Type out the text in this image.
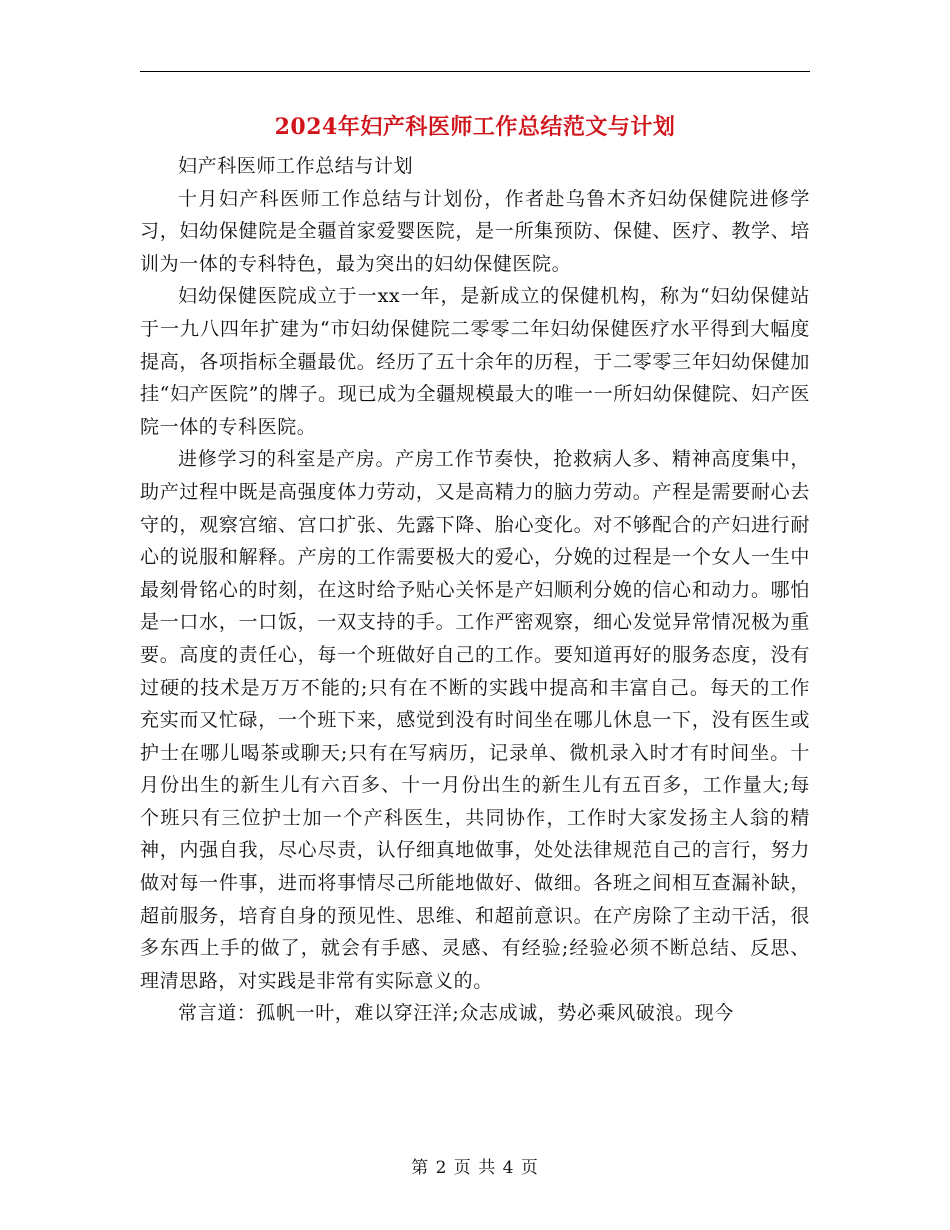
2024年妇产科医师工作总结范文与计划

妇产科医师工作总结与计划

十月妇产科医师工作总结与计划份，作者赴乌鲁木齐妇幼保健院进修学习，妇幼保健院是全疆首家爱婴医院，是一所集预防、保健、医疗、教学、培训为一体的专科特色，最为突出的妇幼保健医院。

妇幼保健医院成立于一xx一年，是新成立的保健机构，称为“妇幼保健站于一九八四年扩建为“市妇幼保健院二零零二年妇幼保健医疗水平得到大幅度提高，各项指标全疆最优。经历了五十余年的历程，于二零零三年妇幼保健加挂“妇产医院”的牌子。现已成为全疆规模最大的唯一一所妇幼保健院、妇产医院一体的专科医院。

进修学习的科室是产房。产房工作节奏快，抢救病人多、精神高度集中，助产过程中既是高强度体力劳动，又是高精力的脑力劳动。产程是需要耐心去守的，观察宫缩、宫口扩张、先露下降、胎心变化。对不够配合的产妇进行耐心的说服和解释。产房的工作需要极大的爱心，分娩的过程是一个女人一生中最刻骨铭心的时刻，在这时给予贴心关怀是产妇顺利分娩的信心和动力。哪怕是一口水，一口饭，一双支持的手。工作严密观察，细心发觉异常情况极为重要。高度的责任心，每一个班做好自己的工作。要知道再好的服务态度，没有过硬的技术是万万不能的;只有在不断的实践中提高和丰富自己。每天的工作充实而又忙碌，一个班下来，感觉到没有时间坐在哪儿休息一下，没有医生或护士在哪儿喝茶或聊天;只有在写病历，记录单、微机录入时才有时间坐。十月份出生的新生儿有六百多、十一月份出生的新生儿有五百多，工作量大;每个班只有三位护士加一个产科医生，共同协作，工作时大家发扬主人翁的精神，内强自我，尽心尽责，认仔细真地做事，处处法律规范自己的言行，努力做对每一件事，进而将事情尽己所能地做好、做细。各班之间相互查漏补缺，超前服务，培育自身的预见性、思维、和超前意识。在产房除了主动干活，很多东西上手的做了，就会有手感、灵感、有经验;经验必须不断总结、反思、理清思路，对实践是非常有实际意义的。

常言道：孤帆一叶，难以穿汪洋;众志成诚，势必乘风破浪。现今

第 2 页 共 4 页
